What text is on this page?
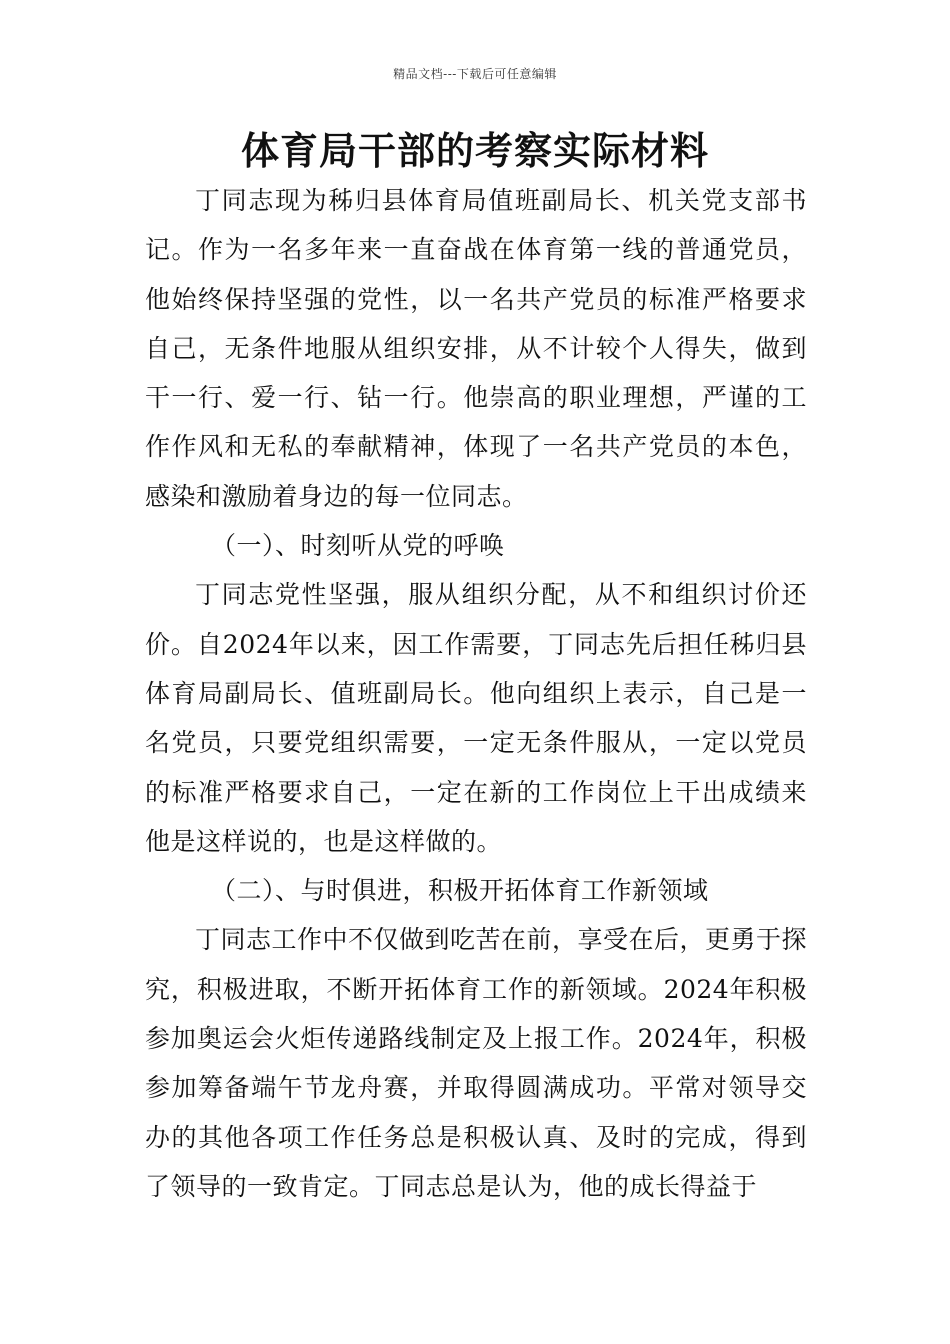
精品文档---下载后可任意编辑
体育局干部的考察实际材料

丁同志现为秭归县体育局值班副局长、机关党支部书记。作为一名多年来一直奋战在体育第一线的普通党员，他始终保持坚强的党性，以一名共产党员的标准严格要求自己，无条件地服从组织安排，从不计较个人得失，做到干一行、爱一行、钻一行。他崇高的职业理想，严谨的工作作风和无私的奉献精神，体现了一名共产党员的本色，感染和激励着身边的每一位同志。

（一）、时刻听从党的呼唤

丁同志党性坚强，服从组织分配，从不和组织讨价还价。自2024年以来，因工作需要，丁同志先后担任秭归县体育局副局长、值班副局长。他向组织上表示，自己是一名党员，只要党组织需要，一定无条件服从，一定以党员的标准严格要求自己，一定在新的工作岗位上干出成绩来他是这样说的，也是这样做的。

（二）、与时俱进，积极开拓体育工作新领域

丁同志工作中不仅做到吃苦在前，享受在后，更勇于探究，积极进取，不断开拓体育工作的新领域。2024年积极参加奥运会火炬传递路线制定及上报工作。2024年，积极参加筹备端午节龙舟赛，并取得圆满成功。平常对领导交办的其他各项工作任务总是积极认真、及时的完成，得到了领导的一致肯定。丁同志总是认为，他的成长得益于
